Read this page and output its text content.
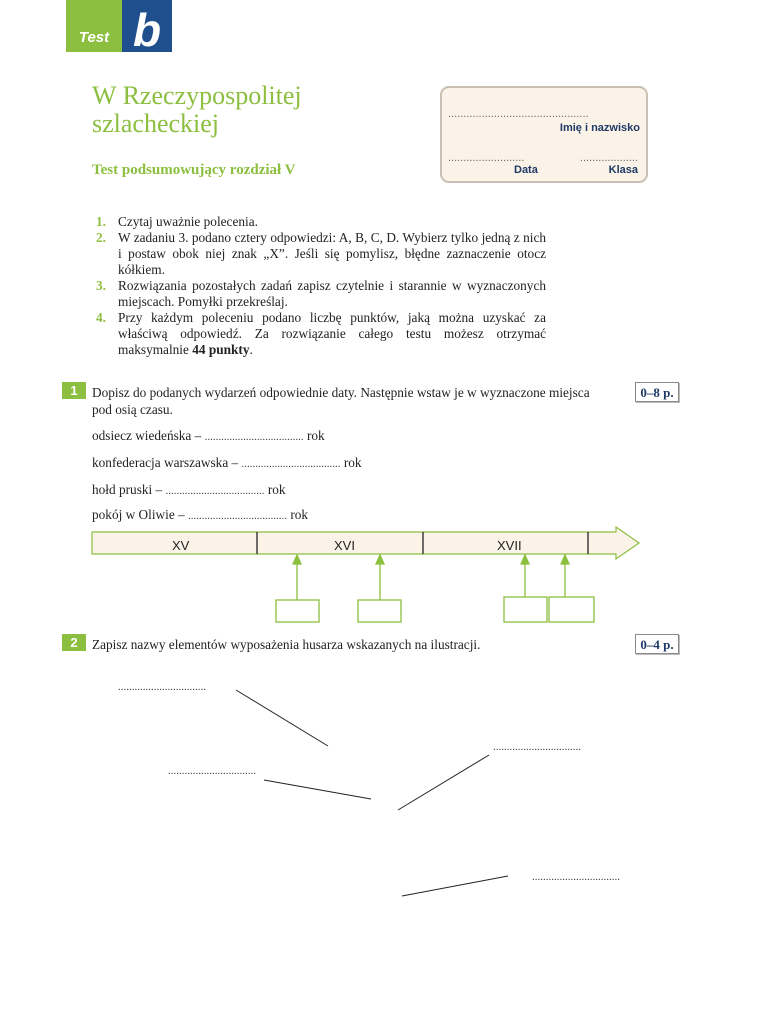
Test b
W Rzeczypospolitej szlacheckiej
Test podsumowujący rozdział V
..............................................
Imię i nazwisko
.........................	...................
Data	Klasa
1. Czytaj uważnie polecenia.
2. W zadaniu 3. podano cztery odpowiedzi: A, B, C, D. Wybierz tylko jedną z nich i postaw obok niej znak „X”. Jeśli się pomylisz, błędne zaznaczenie otocz kółkiem.
3. Rozwiązania pozostałych zadań zapisz czytelnie i starannie w wyznaczonych miejscach. Pomyłki przekreślaj.
4. Przy każdym poleceniu podano liczbę punktów, jaką można uzyskać za właściwą odpowiedź. Za rozwiązanie całego testu możesz otrzymać maksymalnie 44 punkty.
1	Dopisz do podanych wydarzeń odpowiednie daty. Następnie wstaw je w wyznaczone miejsca pod osią czasu.
0–8 p.
odsiecz wiedeńska – .................................... rok
konfederacja warszawska – .................................... rok
hołd pruski – .................................... rok
pokój w Oliwie – .................................... rok
XV	XVI	XVII
2	Zapisz nazwy elementów wyposażenia husarza wskazanych na ilustracji.	0–4 p.
................................
................................
................................
................................
